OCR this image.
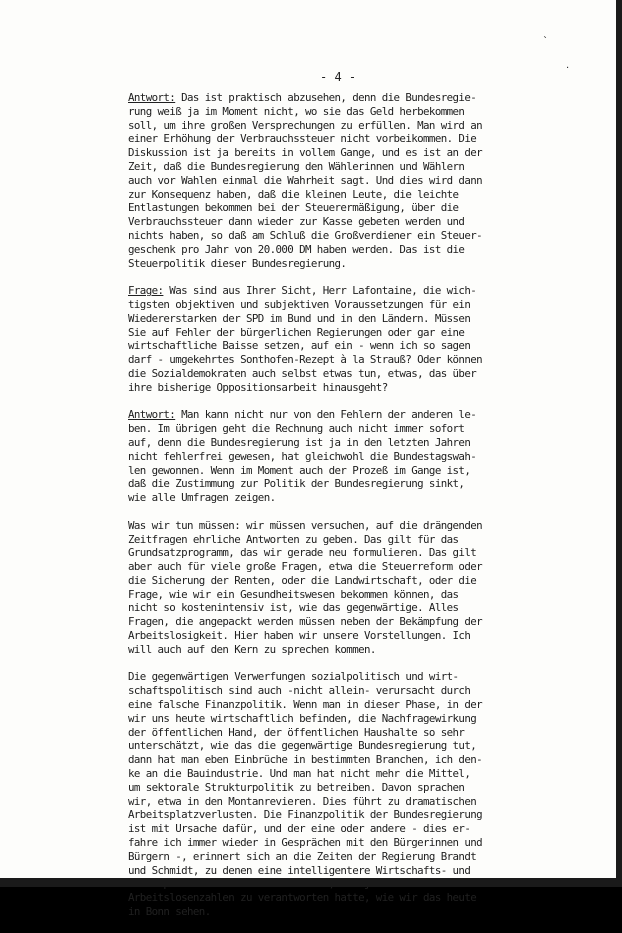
`
.
- 4 -
Antwort: Das ist praktisch abzusehen, denn die Bundesregie-
rung weiß ja im Moment nicht, wo sie das Geld herbekommen
soll, um ihre großen Versprechungen zu erfüllen. Man wird an
einer Erhöhung der Verbrauchssteuer nicht vorbeikommen. Die
Diskussion ist ja bereits in vollem Gange, und es ist an der
Zeit, daß die Bundesregierung den Wählerinnen und Wählern
auch vor Wahlen einmal die Wahrheit sagt. Und dies wird dann
zur Konsequenz haben, daß die kleinen Leute, die leichte
Entlastungen bekommen bei der Steuerermäßigung, über die
Verbrauchssteuer dann wieder zur Kasse gebeten werden und
nichts haben, so daß am Schluß die Großverdiener ein Steuer-
geschenk pro Jahr von 20.000 DM haben werden. Das ist die
Steuerpolitik dieser Bundesregierung.
Frage: Was sind aus Ihrer Sicht, Herr Lafontaine, die wich-
tigsten objektiven und subjektiven Voraussetzungen für ein
Wiedererstarken der SPD im Bund und in den Ländern. Müssen
Sie auf Fehler der bürgerlichen Regierungen oder gar eine
wirtschaftliche Baisse setzen, auf ein - wenn ich so sagen
darf - umgekehrtes Sonthofen-Rezept à la Strauß? Oder können
die Sozialdemokraten auch selbst etwas tun, etwas, das über
ihre bisherige Oppositionsarbeit hinausgeht?
Antwort: Man kann nicht nur von den Fehlern der anderen le-
ben. Im übrigen geht die Rechnung auch nicht immer sofort
auf, denn die Bundesregierung ist ja in den letzten Jahren
nicht fehlerfrei gewesen, hat gleichwohl die Bundestagswah-
len gewonnen. Wenn im Moment auch der Prozeß im Gange ist,
daß die Zustimmung zur Politik der Bundesregierung sinkt,
wie alle Umfragen zeigen.
Was wir tun müssen: wir müssen versuchen, auf die drängenden
Zeitfragen ehrliche Antworten zu geben. Das gilt für das
Grundsatzprogramm, das wir gerade neu formulieren. Das gilt
aber auch für viele große Fragen, etwa die Steuerreform oder
die Sicherung der Renten, oder die Landwirtschaft, oder die
Frage, wie wir ein Gesundheitswesen bekommen können, das
nicht so kostenintensiv ist, wie das gegenwärtige. Alles
Fragen, die angepackt werden müssen neben der Bekämpfung der
Arbeitslosigkeit. Hier haben wir unsere Vorstellungen. Ich
will auch auf den Kern zu sprechen kommen.
Die gegenwärtigen Verwerfungen sozialpolitisch und wirt-
schaftspolitisch sind auch -nicht allein- verursacht durch
eine falsche Finanzpolitik. Wenn man in dieser Phase, in der
wir uns heute wirtschaftlich befinden, die Nachfragewirkung
der öffentlichen Hand, der öffentlichen Haushalte so sehr
unterschätzt, wie das die gegenwärtige Bundesregierung tut,
dann hat man eben Einbrüche in bestimmten Branchen, ich den-
ke an die Bauindustrie. Und man hat nicht mehr die Mittel,
um sektorale Strukturpolitik zu betreiben. Davon sprachen
wir, etwa in den Montanrevieren. Dies führt zu dramatischen
Arbeitsplatzverlusten. Die Finanzpolitik der Bundesregierung
ist mit Ursache dafür, und der eine oder andere - dies er-
fahre ich immer wieder in Gesprächen mit den Bürgerinnen und
Bürgern -, erinnert sich an die Zeiten der Regierung Brandt
und Schmidt, zu denen eine intelligentere Wirtschafts- und
Arbeitslosenzahlen zu verantworten hatte, wie wir das heute
in Bonn sehen.
